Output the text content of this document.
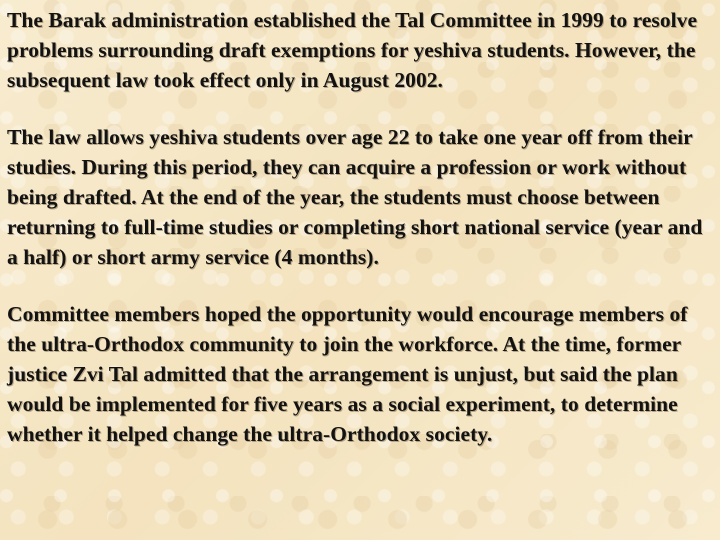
The Barak administration established the Tal Committee in 1999 to resolve problems surrounding draft exemptions for yeshiva students. However, the subsequent law took effect only in August 2002.

The law allows yeshiva students over age 22 to take one year off from their studies. During this period, they can acquire a profession or work without being drafted. At the end of the year, the students must choose between returning to full-time studies or completing short national service (year and a half) or short army service (4 months).

Committee members hoped the opportunity would encourage members of the ultra-Orthodox community to join the workforce. At the time, former justice Zvi Tal admitted that the arrangement is unjust, but said the plan would be implemented for five years as a social experiment, to determine whether it helped change the ultra-Orthodox society.
